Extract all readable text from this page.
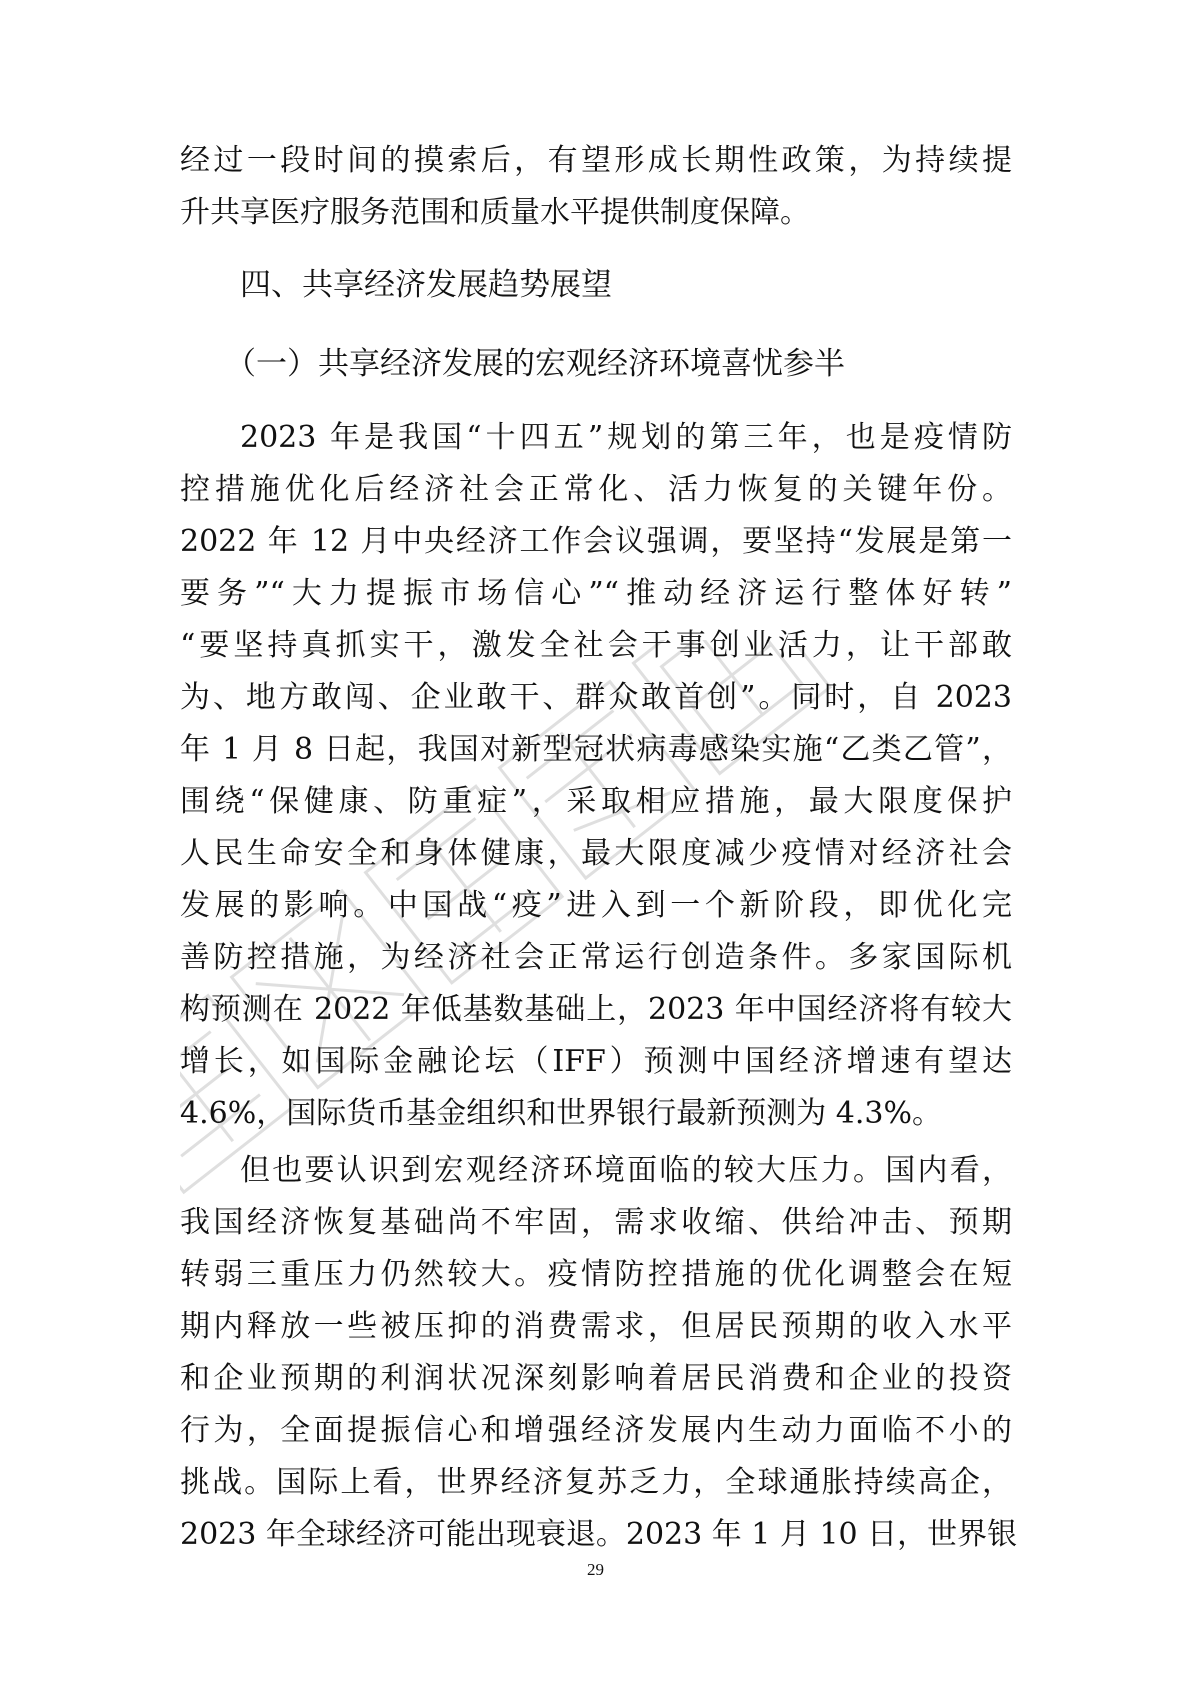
经过一段时间的摸索后，有望形成长期性政策，为持续提
升共享医疗服务范围和质量水平提供制度保障。
四、共享经济发展趋势展望
（一）共享经济发展的宏观经济环境喜忧参半
2023 年是我国“十四五”规划的第三年，也是疫情防
控措施优化后经济社会正常化、活力恢复的关键年份。
2022 年 12 月中央经济工作会议强调，要坚持“发展是第一
要务”“大力提振市场信心”“推动经济运行整体好转”
“要坚持真抓实干，激发全社会干事创业活力，让干部敢
为、地方敢闯、企业敢干、群众敢首创”。同时，自 2023
年 1 月 8 日起，我国对新型冠状病毒感染实施“乙类乙管”，
围绕“保健康、防重症”，采取相应措施，最大限度保护
人民生命安全和身体健康，最大限度减少疫情对经济社会
发展的影响。中国战“疫”进入到一个新阶段，即优化完
善防控措施，为经济社会正常运行创造条件。多家国际机
构预测在 2022 年低基数基础上，2023 年中国经济将有较大
增长，如国际金融论坛（IFF）预测中国经济增速有望达
4.6%，国际货币基金组织和世界银行最新预测为 4.3%。
但也要认识到宏观经济环境面临的较大压力。国内看，
我国经济恢复基础尚不牢固，需求收缩、供给冲击、预期
转弱三重压力仍然较大。疫情防控措施的优化调整会在短
期内释放一些被压抑的消费需求，但居民预期的收入水平
和企业预期的利润状况深刻影响着居民消费和企业的投资
行为，全面提振信心和增强经济发展内生动力面临不小的
挑战。国际上看，世界经济复苏乏力，全球通胀持续高企，
2023 年全球经济可能出现衰退。2023 年 1 月 10 日，世界银
29
